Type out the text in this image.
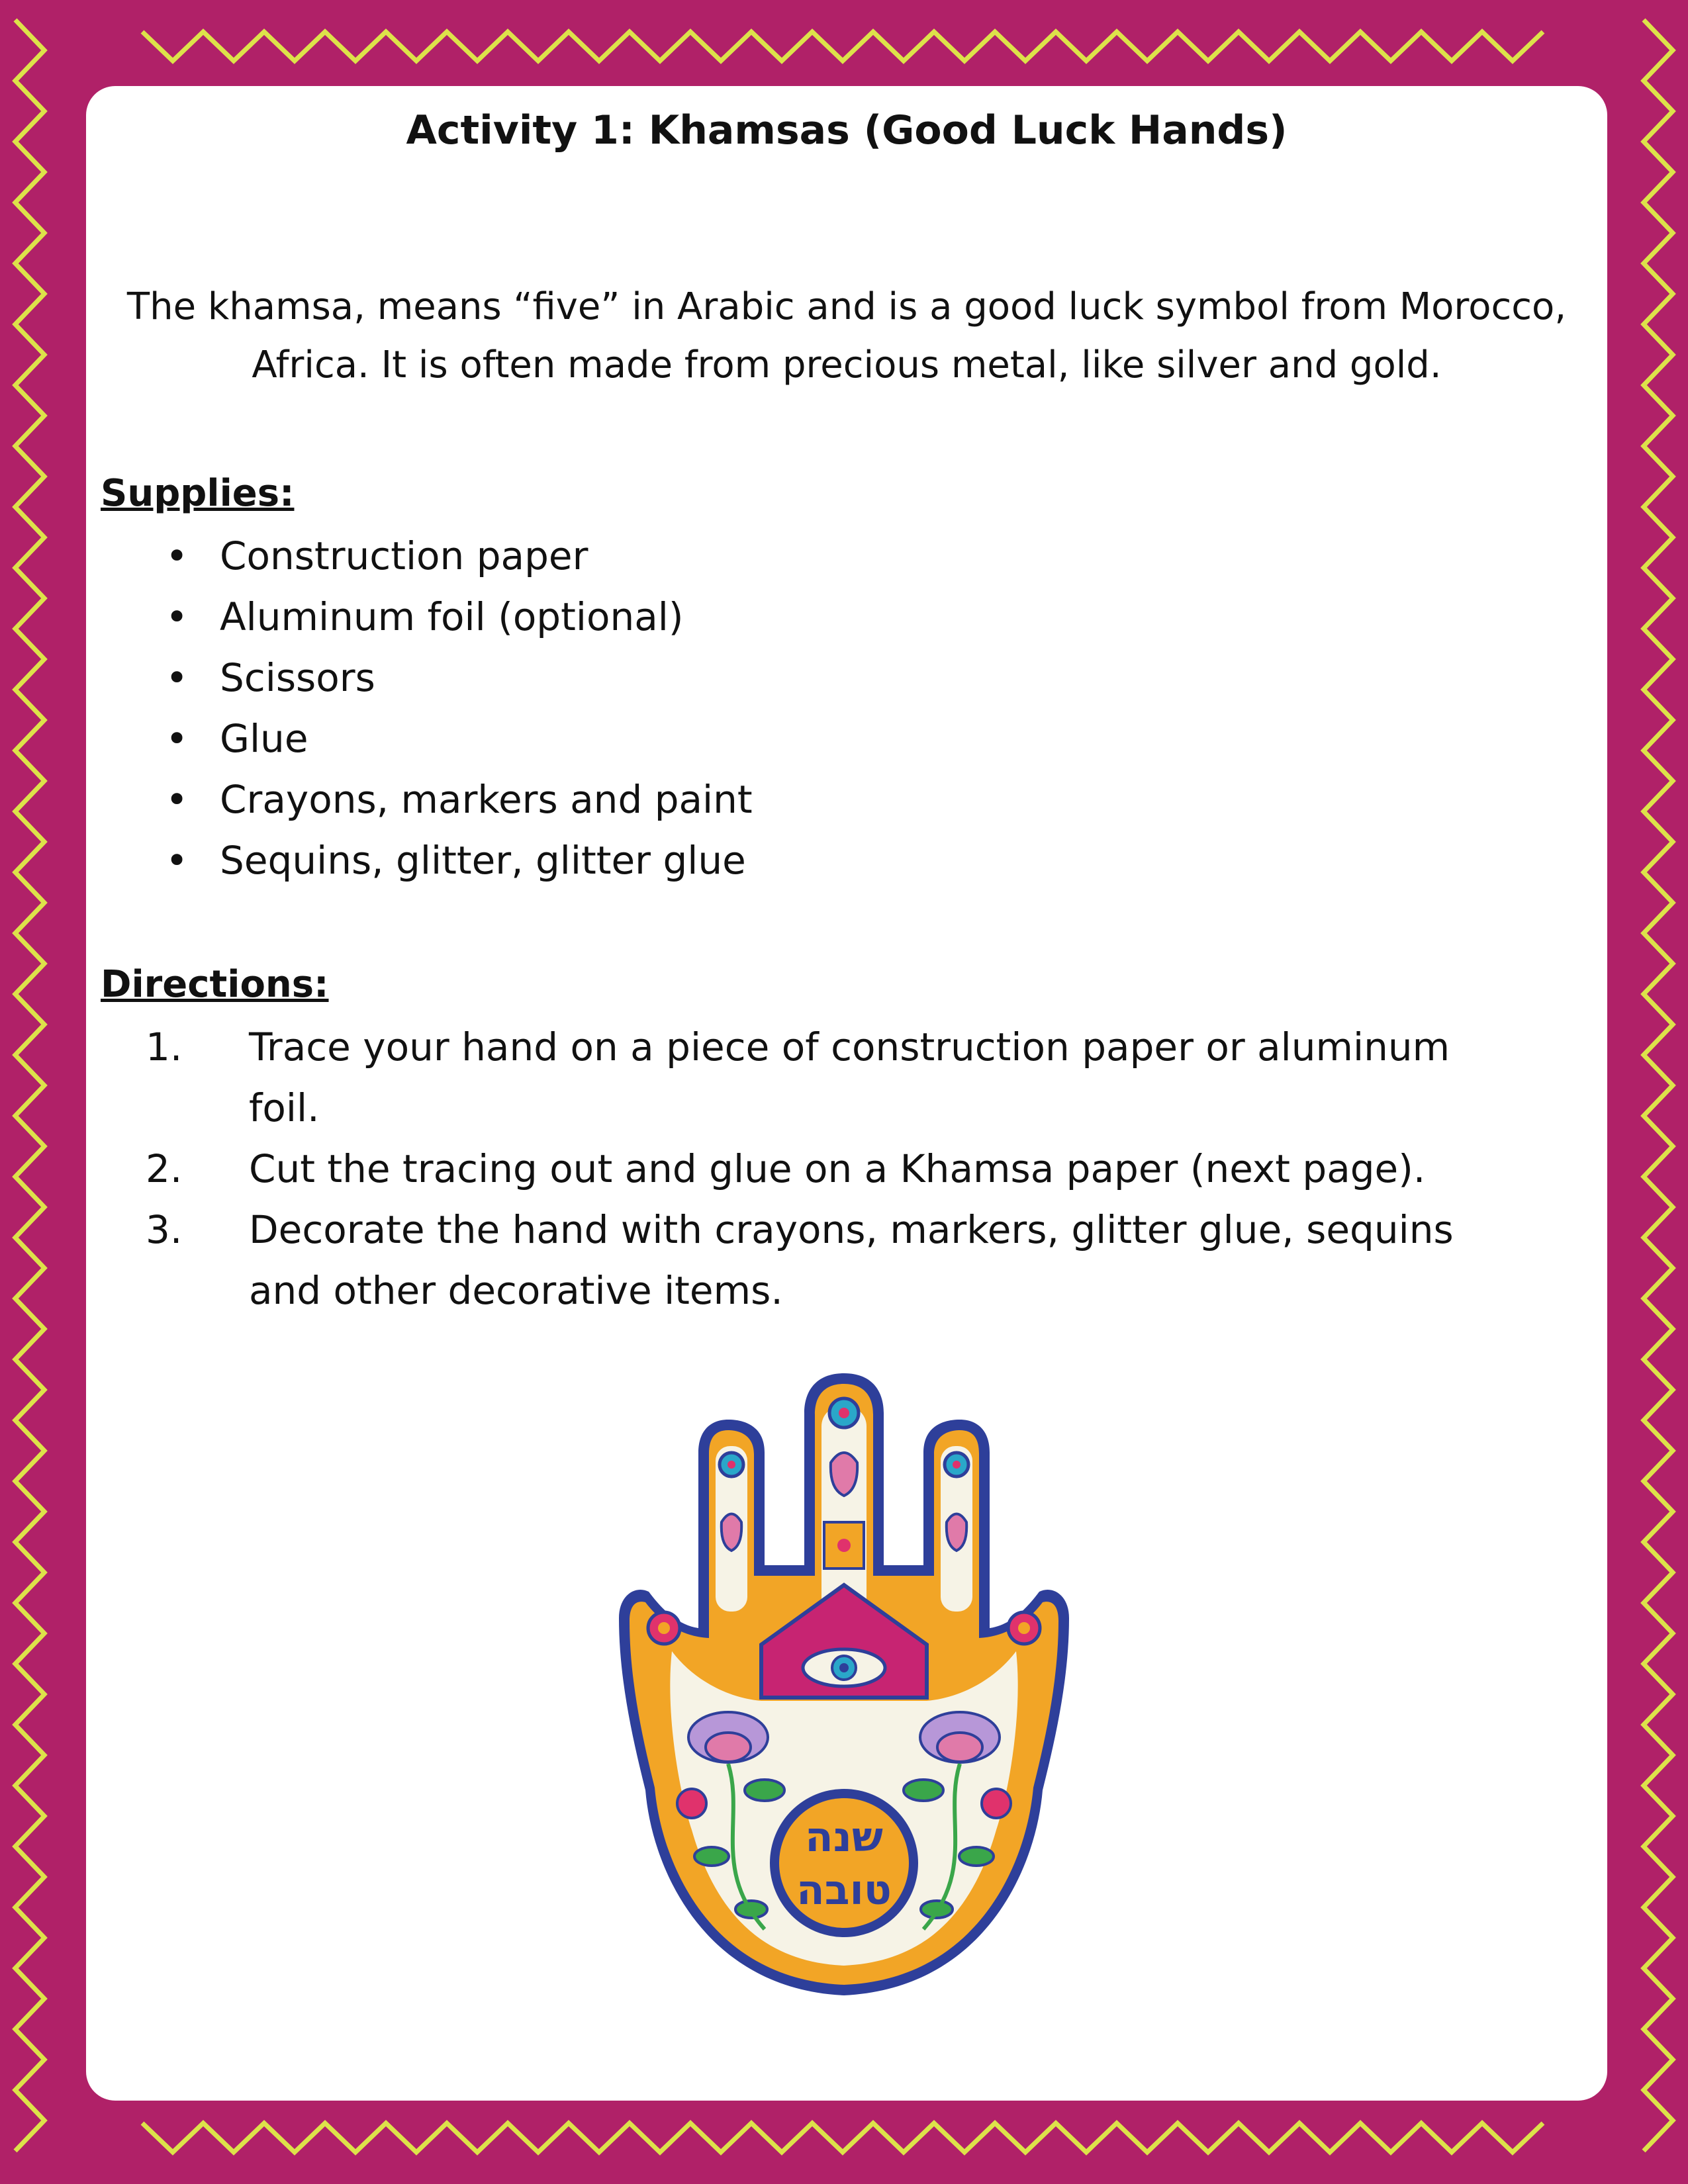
Activity 1: Khamsas (Good Luck Hands)
The khamsa, means “five” in Arabic and is a good luck symbol from Morocco,
Africa. It is often made from precious metal, like silver and gold.
Supplies:
• Construction paper
• Aluminum foil (optional)
• Scissors
• Glue
• Crayons, markers and paint
• Sequins, glitter, glitter glue
Directions:
1.	Trace your hand on a piece of construction paper or aluminum
foil.
2.	Cut the tracing out and glue on a Khamsa paper (next page).
3.	Decorate the hand with crayons, markers, glitter glue, sequins
and other decorative items.
שנה
טובה
